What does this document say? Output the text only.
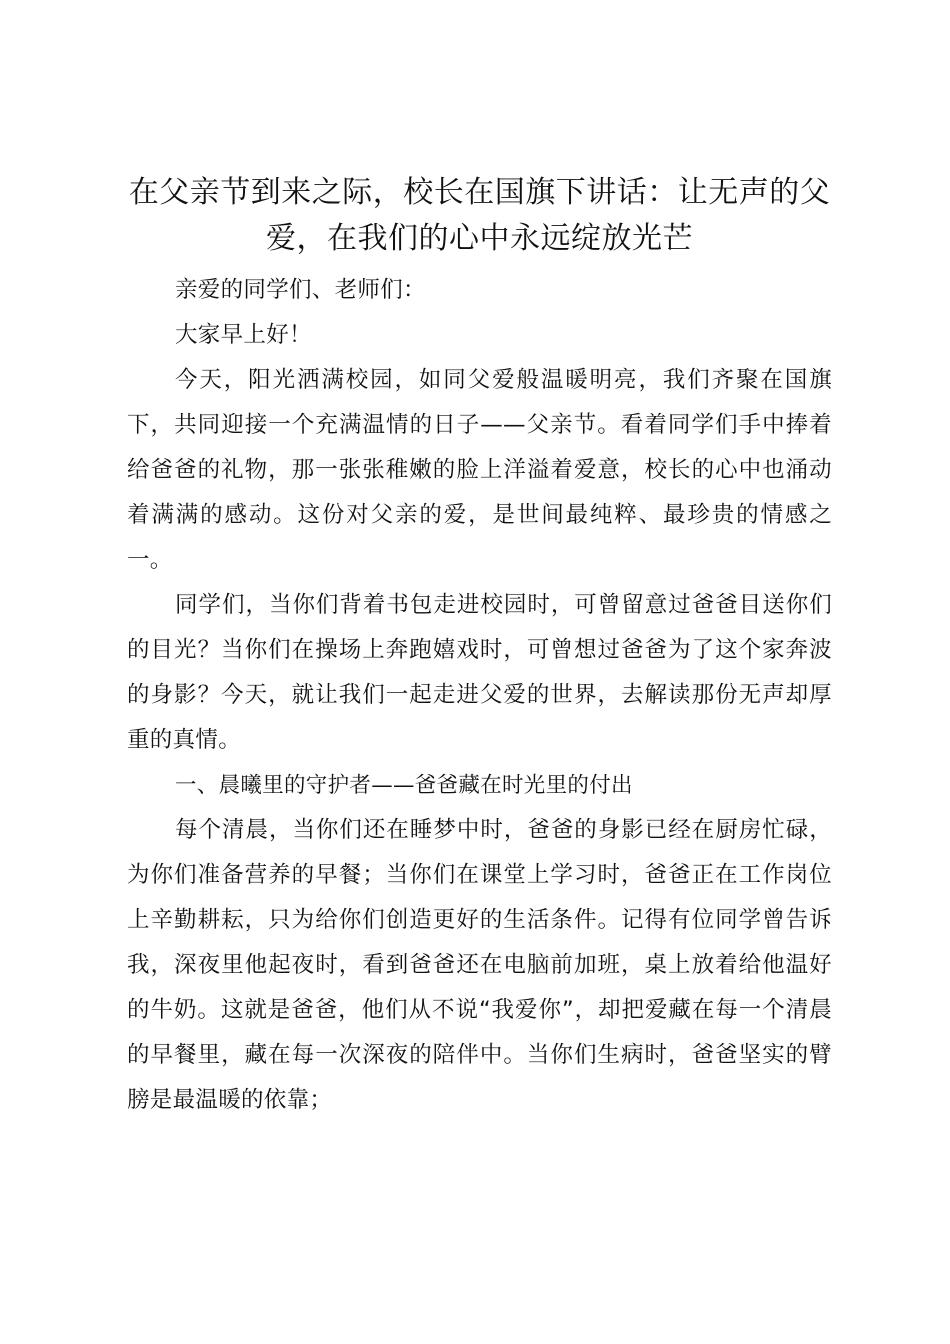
在父亲节到来之际，校长在国旗下讲话：让无声的父爱，在我们的心中永远绽放光芒

亲爱的同学们、老师们：

大家早上好！

今天，阳光洒满校园，如同父爱般温暖明亮，我们齐聚在国旗下，共同迎接一个充满温情的日子——父亲节。看着同学们手中捧着给爸爸的礼物，那一张张稚嫩的脸上洋溢着爱意，校长的心中也涌动着满满的感动。这份对父亲的爱，是世间最纯粹、最珍贵的情感之一。

同学们，当你们背着书包走进校园时，可曾留意过爸爸目送你们的目光？当你们在操场上奔跑嬉戏时，可曾想过爸爸为了这个家奔波的身影？今天，就让我们一起走进父爱的世界，去解读那份无声却厚重的真情。

一、晨曦里的守护者——爸爸藏在时光里的付出

每个清晨，当你们还在睡梦中时，爸爸的身影已经在厨房忙碌，为你们准备营养的早餐；当你们在课堂上学习时，爸爸正在工作岗位上辛勤耕耘，只为给你们创造更好的生活条件。记得有位同学曾告诉我，深夜里他起夜时，看到爸爸还在电脑前加班，桌上放着给他温好的牛奶。这就是爸爸，他们从不说“我爱你”，却把爱藏在每一个清晨的早餐里，藏在每一次深夜的陪伴中。当你们生病时，爸爸坚实的臂膀是最温暖的依靠；
